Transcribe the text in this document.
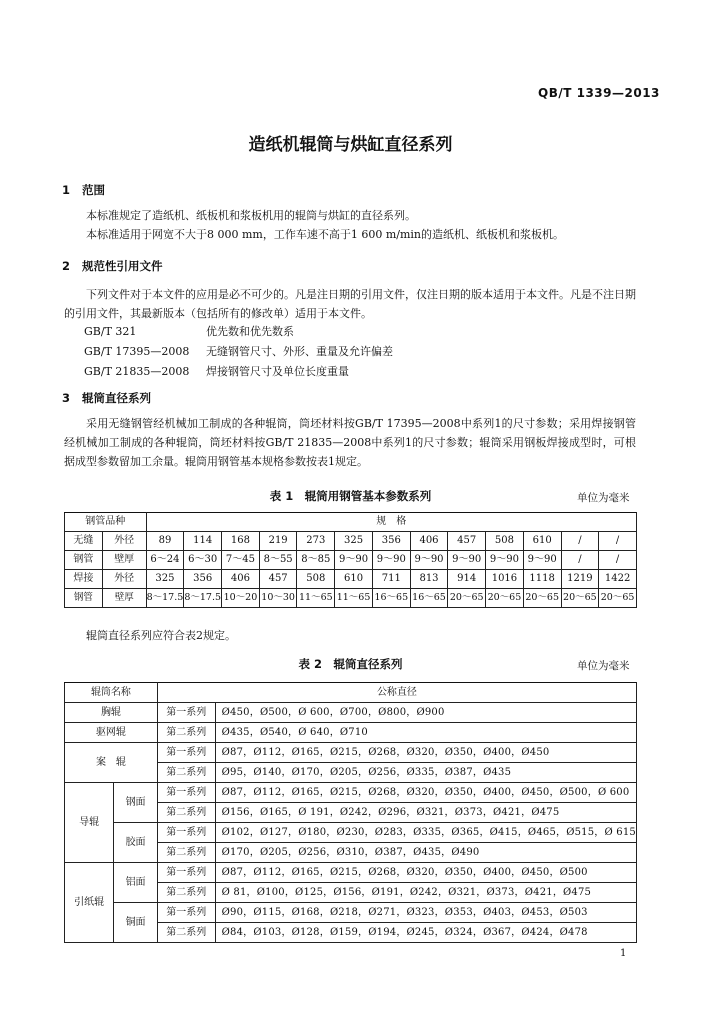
QB/T 1339—2013
造纸机辊筒与烘缸直径系列
1 范围

本标准规定了造纸机、纸板机和浆板机用的辊筒与烘缸的直径系列。

本标准适用于网宽不大于8 000 mm，工作车速不高于1 600 m/min的造纸机、纸板机和浆板机。

2 规范性引用文件

下列文件对于本文件的应用是必不可少的。凡是注日期的引用文件，仅注日期的版本适用于本文件。凡是不注日期的引用文件，其最新版本（包括所有的修改单）适用于本文件。

GB/T 321	优先数和优先数系
GB/T 17395—2008 无缝钢管尺寸、外形、重量及允许偏差
GB/T 21835—2008 焊接钢管尺寸及单位长度重量
3 辊筒直径系列

采用无缝钢管经机械加工制成的各种辊筒，筒坯材料按GB/T 17395—2008中系列1的尺寸参数；采用焊接钢管经机械加工制成的各种辊筒，筒坯材料按GB/T 21835—2008中系列1的尺寸参数；辊筒采用钢板焊接成型时，可根据成型参数留加工余量。辊筒用钢管基本规格参数按表1规定。

表 1　辊筒用钢管基本参数系列	单位为毫米
钢管品种		规　格												
无缝	外径	89	114	168	219	273	325	356	406	457	508	610	/	/
钢管	壁厚	6～24	6～30	7～45	8～55	8～85	9～90	9～90	9～90	9～90	9～90	9～90	/	/
焊接	外径	325	356	406	457	508	610	711	813	914	1016	1118	1219	1422
钢管	壁厚	8～17.5	8～17.5	10～20	10～30	11～65	11～65	16～65	16～65	20～65	20～65	20～65	20～65	20～65
辊筒直径系列应符合表2规定。
表 2　辊筒直径系列	单位为毫米
辊筒名称		公称直径	
胸辊		第一系列	Ø450，Ø500，Ø 600，Ø700，Ø800，Ø900
驱网辊		第二系列	Ø435，Ø540，Ø 640，Ø710
案　辊		第一系列	Ø87，Ø112，Ø165，Ø215，Ø268，Ø320，Ø350，Ø400，Ø450
		第二系列	Ø95，Ø140，Ø170，Ø205，Ø256，Ø335，Ø387，Ø435
导辊	钢面	第一系列	Ø87，Ø112，Ø165，Ø215，Ø268，Ø320，Ø350，Ø400，Ø450，Ø500，Ø 600
		第二系列	Ø156，Ø165，Ø 191，Ø242，Ø296，Ø321，Ø373，Ø421，Ø475
	胶面	第一系列	Ø102，Ø127，Ø180，Ø230，Ø283，Ø335，Ø365，Ø415，Ø465，Ø515，Ø 615
		第二系列	Ø170，Ø205，Ø256，Ø310，Ø387，Ø435，Ø490
引纸辊	铝面	第一系列	Ø87，Ø112，Ø165，Ø215，Ø268，Ø320，Ø350，Ø400，Ø450，Ø500
		第二系列	Ø 81，Ø100，Ø125，Ø156，Ø191，Ø242，Ø321，Ø373，Ø421，Ø475
	铜面	第一系列	Ø90，Ø115，Ø168，Ø218，Ø271，Ø323，Ø353，Ø403，Ø453，Ø503
		第二系列	Ø84，Ø103，Ø128，Ø159，Ø194，Ø245，Ø324，Ø367，Ø424，Ø478
1
